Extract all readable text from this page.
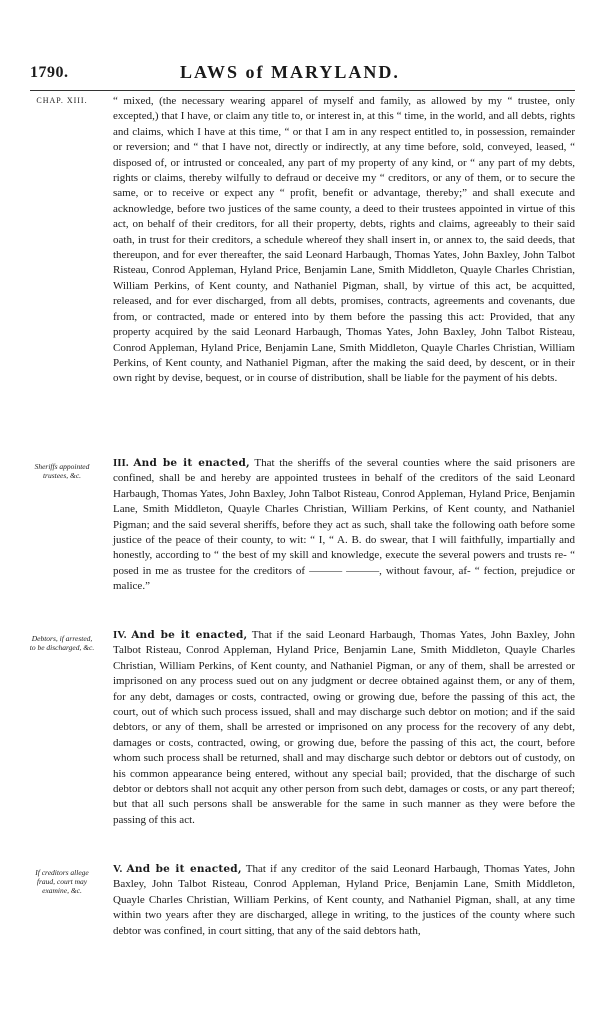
1790.	LAWS of MARYLAND.
CHAP. XIII.	“ mixed, (the necessary wearing apparel of myself and family, as allowed by my “ trustee, only excepted,) that I have, or claim any title to, or interest in, at this “ time, in the world, and all debts, rights and claims, which I have at this time, “ or that I am in any respect entitled to, in possession, remainder or reversion; and “ that I have not, directly or indirectly, at any time before, sold, conveyed, leased, “ disposed of, or intrusted or concealed, any part of my property of any kind, or “ any part of my debts, rights or claims, thereby wilfully to defraud or deceive my “ creditors, or any of them, or to secure the same, or to receive or expect any “ profit, benefit or advantage, thereby;” and shall execute and acknowledge, before two justices of the same county, a deed to their trustees appointed in virtue of this act, on behalf of their creditors, for all their property, debts, rights and claims, agreeably to their said oath, in trust for their creditors, a schedule whereof they shall insert in, or annex to, the said deeds, that thereupon, and for ever thereafter, the said Leonard Harbaugh, Thomas Yates, John Baxley, John Talbot Risteau, Conrod Appleman, Hyland Price, Benjamin Lane, Smith Middleton, Quayle Charles Christian, William Perkins, of Kent county, and Nathaniel Pigman, shall, by virtue of this act, be acquitted, released, and for ever discharged, from all debts, promises, contracts, agreements and covenants, due from, or contracted, made or entered into by them before the passing this act: Provided, that any property acquired by the said Leonard Harbaugh, Thomas Yates, John Baxley, John Talbot Risteau, Conrod Appleman, Hyland Price, Benjamin Lane, Smith Middleton, Quayle Charles Christian, William Perkins, of Kent county, and Nathaniel Pigman, after the making the said deed, by descent, or in their own right by devise, bequest, or in course of distribution, shall be liable for the payment of his debts.
Sheriffs appointed trustees, &c.

III. And be it enacted, That the sheriffs of the several counties where the said prisoners are confined, shall be and hereby are appointed trustees in behalf of the creditors of the said Leonard Harbaugh, Thomas Yates, John Baxley, John Talbot Risteau, Conrod Appleman, Hyland Price, Benjamin Lane, Smith Middleton, Quayle Charles Christian, William Perkins, of Kent county, and Nathaniel Pigman; and the said several sheriffs, before they act as such, shall take the following oath before some justice of the peace of their county, to wit: “ I, “ A. B. do swear, that I will faithfully, impartially and honestly, according to “ the best of my skill and knowledge, execute the several powers and trusts re- “ posed in me as trustee for the creditors of ——— ———, without favour, af- “ fection, prejudice or malice.”

Debtors, if arrested, to be discharged, &c.

IV. And be it enacted, That if the said Leonard Harbaugh, Thomas Yates, John Baxley, John Talbot Risteau, Conrod Appleman, Hyland Price, Benjamin Lane, Smith Middleton, Quayle Charles Christian, William Perkins, of Kent county, and Nathaniel Pigman, or any of them, shall be arrested or imprisoned on any process sued out on any judgment or decree obtained against them, or any of them, for any debt, damages or costs, contracted, owing or growing due, before the passing of this act, the court, out of which such process issued, shall and may discharge such debtor on motion; and if the said debtors, or any of them, shall be arrested or imprisoned on any process for the recovery of any debt, damages or costs, contracted, owing, or growing due, before the passing of this act, the court, before whom such process shall be returned, shall and may discharge such debtor or debtors out of custody, on his common appearance being entered, without any special bail; provided, that the discharge of such debtor or debtors shall not acquit any other person from such debt, damages or costs, or any part thereof; but that all such persons shall be answerable for the same in such manner as they were before the passing of this act.

If creditors allege fraud, court may examine, &c.

V. And be it enacted, That if any creditor of the said Leonard Harbaugh, Thomas Yates, John Baxley, John Talbot Risteau, Conrod Appleman, Hyland Price, Benjamin Lane, Smith Middleton, Quayle Charles Christian, William Perkins, of Kent county, and Nathaniel Pigman, shall, at any time within two years after they are discharged, allege in writing, to the justices of the county where such debtor was confined, in court sitting, that any of the said debtors hath,
